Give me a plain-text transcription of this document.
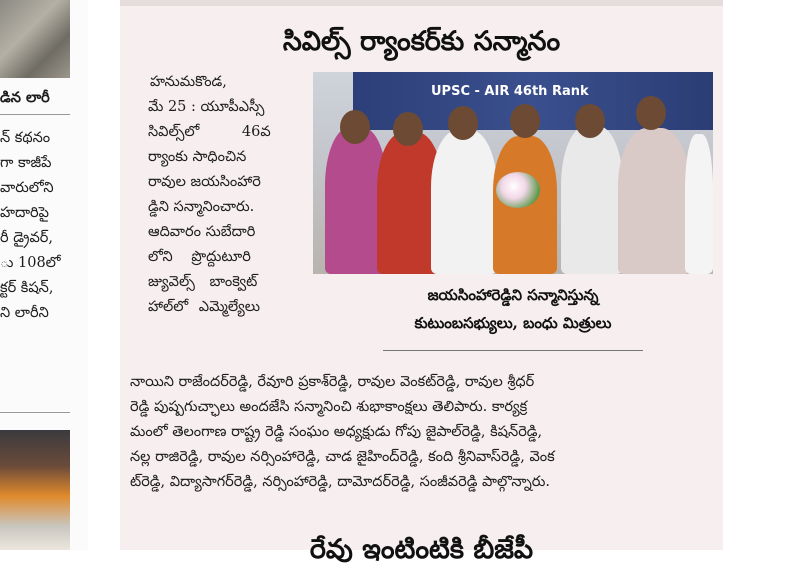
డిన లారీ
న్ కథనం
గా కాజీపే
వారులోని
హదారిపై
రీ డ్రైవర్,
ు 108లో
క్టర్ కిషన్,
ని లారీని
సివిల్స్ ర్యాంకర్‌కు సన్మానం
హనుమకొండ,
మే 25 : యూపీఎస్సీ
సివిల్స్‌లో 46వ
ర్యాంకు సాధించిన
రావుల జయసింహారె
డ్డిని సన్మానించారు.
ఆదివారం సుబేదారి
లోని ప్రొద్దుటూరి
జ్యువెల్స్ బాంక్వెట్
హాల్‌లో ఎమ్మెల్యేలు
UPSC - AIR 46th Rank
జయసింహారెడ్డిని సన్మానిస్తున్న
కుటుంబసభ్యులు, బంధు మిత్రులు
నాయిని రాజేందర్‌రెడ్డి, రేవూరి ప్రకాశ్‌రెడ్డి, రావుల వెంకట్‌రెడ్డి, రావుల శ్రీధర్
రెడ్డి పుష్పగుచ్ఛాలు అందజేసి సన్మానించి శుభాకాంక్షలు తెలిపారు. కార్యక్ర
మంలో తెలంగాణ రాష్ట్ర రెడ్డి సంఘం అధ్యక్షుడు గోపు జైపాల్‌రెడ్డి, కిషన్‌రెడ్డి,
నల్ల రాజిరెడ్డి, రావుల నర్సింహారెడ్డి, చాడ జైహింద్‌రెడ్డి, కంది శ్రీనివాస్‌రెడ్డి, వెంక
ట్‌రెడ్డి, విద్యాసాగర్‌రెడ్డి, నర్సింహారెడ్డి, దామోదర్‌రెడ్డి, సంజీవరెడ్డి పాల్గొన్నారు.
రేవు ఇంటింటికి బీజేపీ
